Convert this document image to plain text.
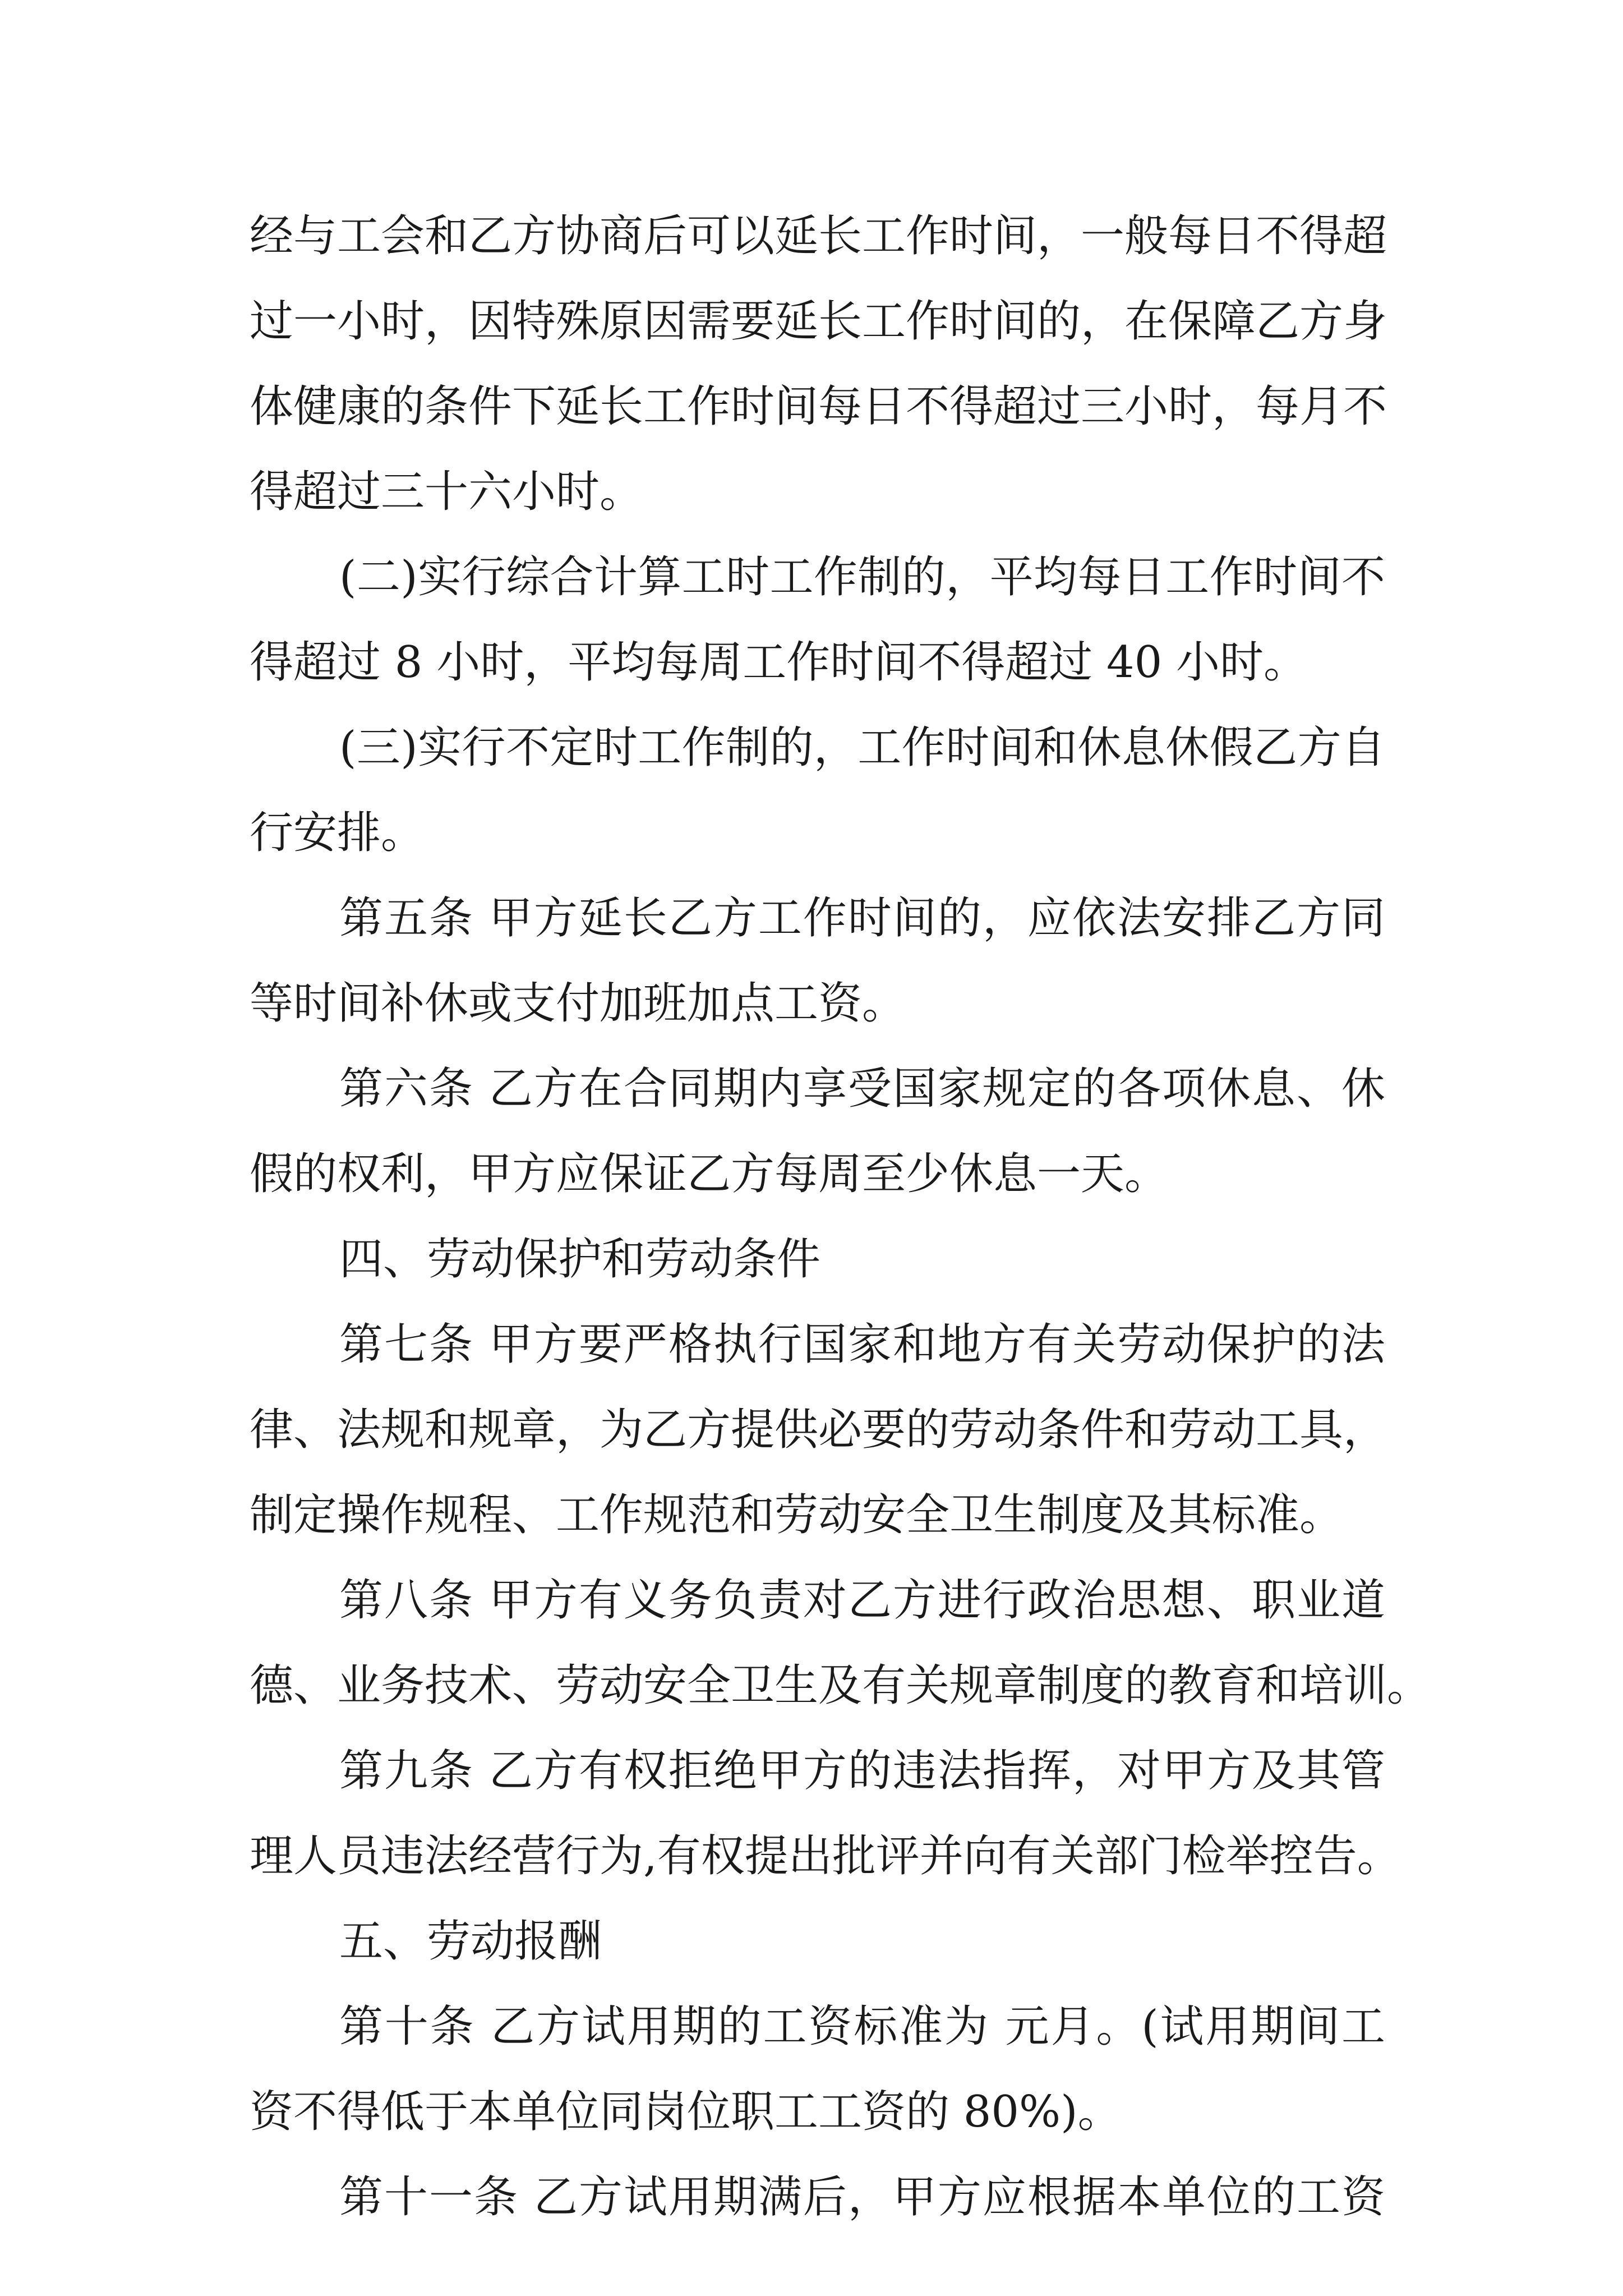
经与工会和乙方协商后可以延长工作时间，一般每日不得超
过一小时，因特殊原因需要延长工作时间的，在保障乙方身
体健康的条件下延长工作时间每日不得超过三小时，每月不
得超过三十六小时。
(二)实行综合计算工时工作制的，平均每日工作时间不
得超过 8 小时，平均每周工作时间不得超过 40 小时。
(三)实行不定时工作制的，工作时间和休息休假乙方自
行安排。
第五条 甲方延长乙方工作时间的，应依法安排乙方同
等时间补休或支付加班加点工资。
第六条 乙方在合同期内享受国家规定的各项休息、休
假的权利，甲方应保证乙方每周至少休息一天。
四、劳动保护和劳动条件
第七条 甲方要严格执行国家和地方有关劳动保护的法
律、法规和规章，为乙方提供必要的劳动条件和劳动工具，
制定操作规程、工作规范和劳动安全卫生制度及其标准。
第八条 甲方有义务负责对乙方进行政治思想、职业道
德、业务技术、劳动安全卫生及有关规章制度的教育和培训。
第九条 乙方有权拒绝甲方的违法指挥，对甲方及其管
理人员违法经营行为,有权提出批评并向有关部门检举控告。
五、劳动报酬
第十条 乙方试用期的工资标准为 元月。(试用期间工
资不得低于本单位同岗位职工工资的 80%)。
第十一条 乙方试用期满后，甲方应根据本单位的工资
